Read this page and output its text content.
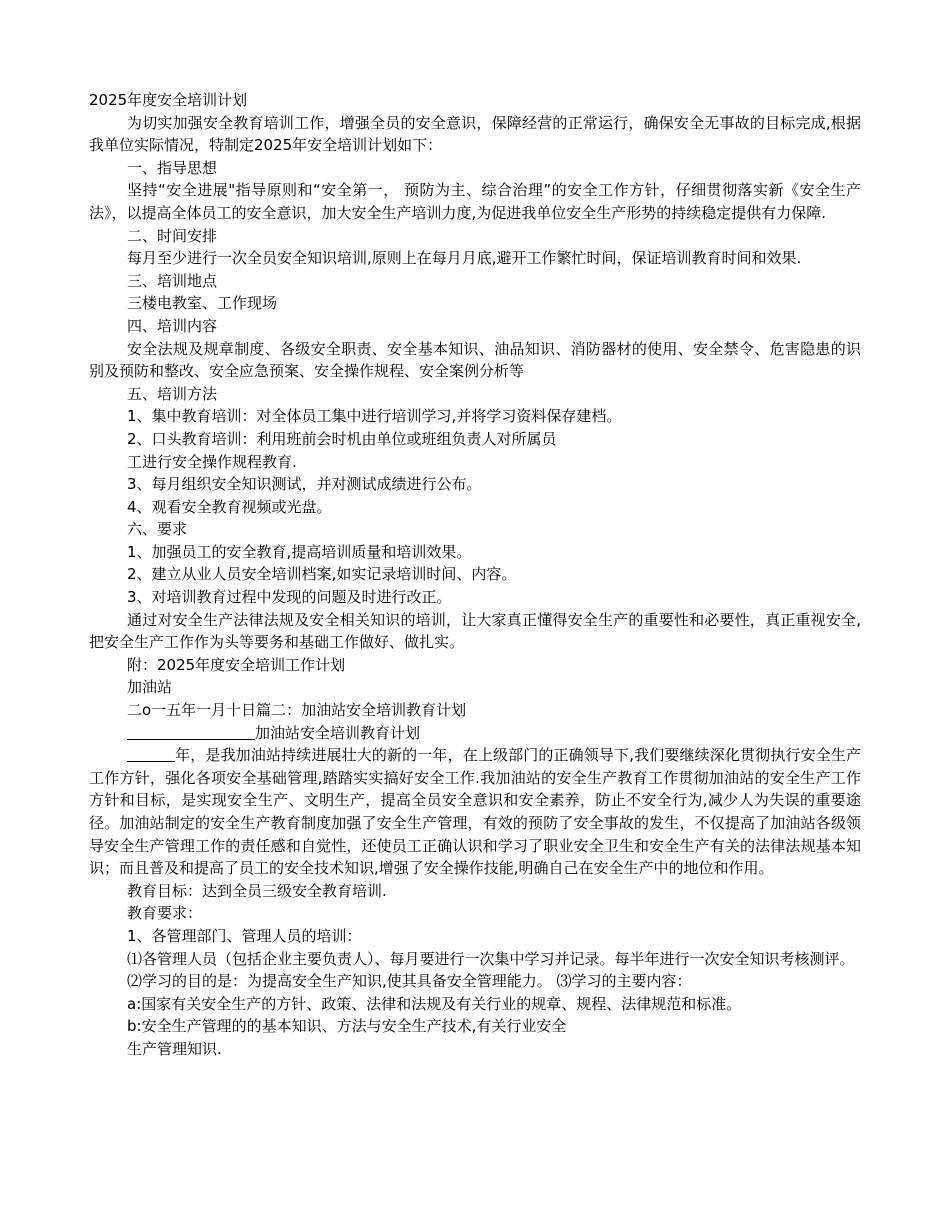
2025年度安全培训计划

为切实加强安全教育培训工作，增强全员的安全意识，保障经营的正常运行，确保安全无事故的目标完成,根据我单位实际情况，特制定2025年安全培训计划如下：

一、指导思想

坚持“安全进展"指导原则和“安全第一， 预防为主、综合治理”的安全工作方针，仔细贯彻落实新《安全生产法》，以提高全体员工的安全意识，加大安全生产培训力度,为促进我单位安全生产形势的持续稳定提供有力保障.

二、时间安排

每月至少进行一次全员安全知识培训,原则上在每月月底,避开工作繁忙时间，保证培训教育时间和效果.

三、培训地点

三楼电教室、工作现场

四、培训内容

安全法规及规章制度、各级安全职责、安全基本知识、油品知识、消防器材的使用、安全禁令、危害隐患的识别及预防和整改、安全应急预案、安全操作规程、安全案例分析等

五、培训方法

1、集中教育培训：对全体员工集中进行培训学习,并将学习资料保存建档。

2、口头教育培训：利用班前会时机由单位或班组负责人对所属员

工进行安全操作规程教育.

3、每月组织安全知识测试，并对测试成绩进行公布。

4、观看安全教育视频或光盘。

六、要求

1、加强员工的安全教育,提高培训质量和培训效果。

2、建立从业人员安全培训档案,如实记录培训时间、内容。

3、对培训教育过程中发现的问题及时进行改正。

通过对安全生产法律法规及安全相关知识的培训，让大家真正懂得安全生产的重要性和必要性，真正重视安全,把安全生产工作作为头等要务和基础工作做好、做扎实。

附：2025年度安全培训工作计划

加油站

二o一五年一月十日篇二：加油站安全培训教育计划

加油站安全培训教育计划

年，是我加油站持续进展壮大的新的一年，在上级部门的正确领导下,我们要继续深化贯彻执行安全生产工作方针，强化各项安全基础管理,踏踏实实搞好安全工作.我加油站的安全生产教育工作贯彻加油站的安全生产工作方针和目标，是实现安全生产、文明生产，提高全员安全意识和安全素养，防止不安全行为,减少人为失误的重要途径。加油站制定的安全生产教育制度加强了安全生产管理，有效的预防了安全事故的发生，不仅提高了加油站各级领导安全生产管理工作的责任感和自觉性，还使员工正确认识和学习了职业安全卫生和安全生产有关的法律法规基本知识；而且普及和提高了员工的安全技术知识,增强了安全操作技能,明确自己在安全生产中的地位和作用。

教育目标：达到全员三级安全教育培训.

教育要求：

1、各管理部门、管理人员的培训：

⑴各管理人员（包括企业主要负责人）、每月要进行一次集中学习并记录。每半年进行一次安全知识考核测评。

⑵学习的目的是：为提高安全生产知识,使其具备安全管理能力。 ⑶学习的主要内容：

a:国家有关安全生产的方针、政策、法律和法规及有关行业的规章、规程、法律规范和标准。

b:安全生产管理的的基本知识、方法与安全生产技术,有关行业安全

生产管理知识.
